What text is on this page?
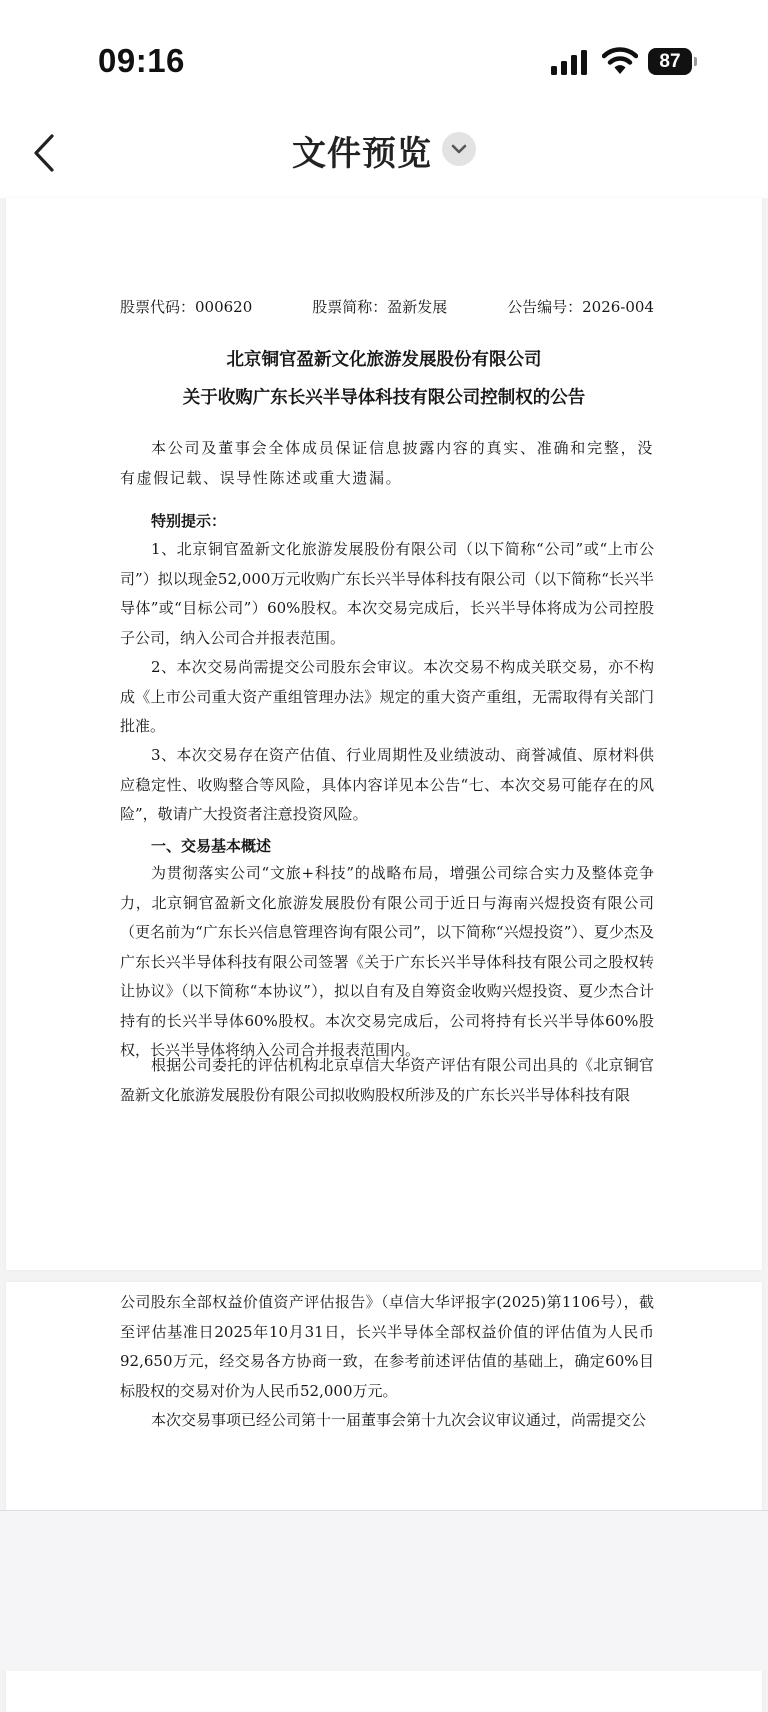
09:16	87
文件预览
股票代码：000620	股票简称：盈新发展	公告编号：2026-004
北京铜官盈新文化旅游发展股份有限公司
关于收购广东长兴半导体科技有限公司控制权的公告

本公司及董事会全体成员保证信息披露内容的真实、准确和完整，没有虚假记载、误导性陈述或重大遗漏。

特别提示：

1、北京铜官盈新文化旅游发展股份有限公司（以下简称“公司”或“上市公司”）拟以现金52,000万元收购广东长兴半导体科技有限公司（以下简称“长兴半导体”或“目标公司”）60%股权。本次交易完成后，长兴半导体将成为公司控股子公司，纳入公司合并报表范围。

2、本次交易尚需提交公司股东会审议。本次交易不构成关联交易，亦不构成《上市公司重大资产重组管理办法》规定的重大资产重组，无需取得有关部门批准。

3、本次交易存在资产估值、行业周期性及业绩波动、商誉减值、原材料供应稳定性、收购整合等风险，具体内容详见本公告“七、本次交易可能存在的风险”，敬请广大投资者注意投资风险。

一、交易基本概述

为贯彻落实公司“文旅+科技”的战略布局，增强公司综合实力及整体竞争力，北京铜官盈新文化旅游发展股份有限公司于近日与海南兴煜投资有限公司（更名前为“广东长兴信息管理咨询有限公司”，以下简称“兴煜投资”）、夏少杰及广东长兴半导体科技有限公司签署《关于广东长兴半导体科技有限公司之股权转让协议》（以下简称“本协议”），拟以自有及自筹资金收购兴煜投资、夏少杰合计持有的长兴半导体60%股权。本次交易完成后，公司将持有长兴半导体60%股权，长兴半导体将纳入公司合并报表范围内。

根据公司委托的评估机构北京卓信大华资产评估有限公司出具的《北京铜官盈新文化旅游发展股份有限公司拟收购股权所涉及的广东长兴半导体科技有限

公司股东全部权益价值资产评估报告》（卓信大华评报字(2025)第1106号），截至评估基准日2025年10月31日，长兴半导体全部权益价值的评估值为人民币92,650万元，经交易各方协商一致，在参考前述评估值的基础上，确定60%目标股权的交易对价为人民币52,000万元。

本次交易事项已经公司第十一届董事会第十九次会议审议通过，尚需提交公
